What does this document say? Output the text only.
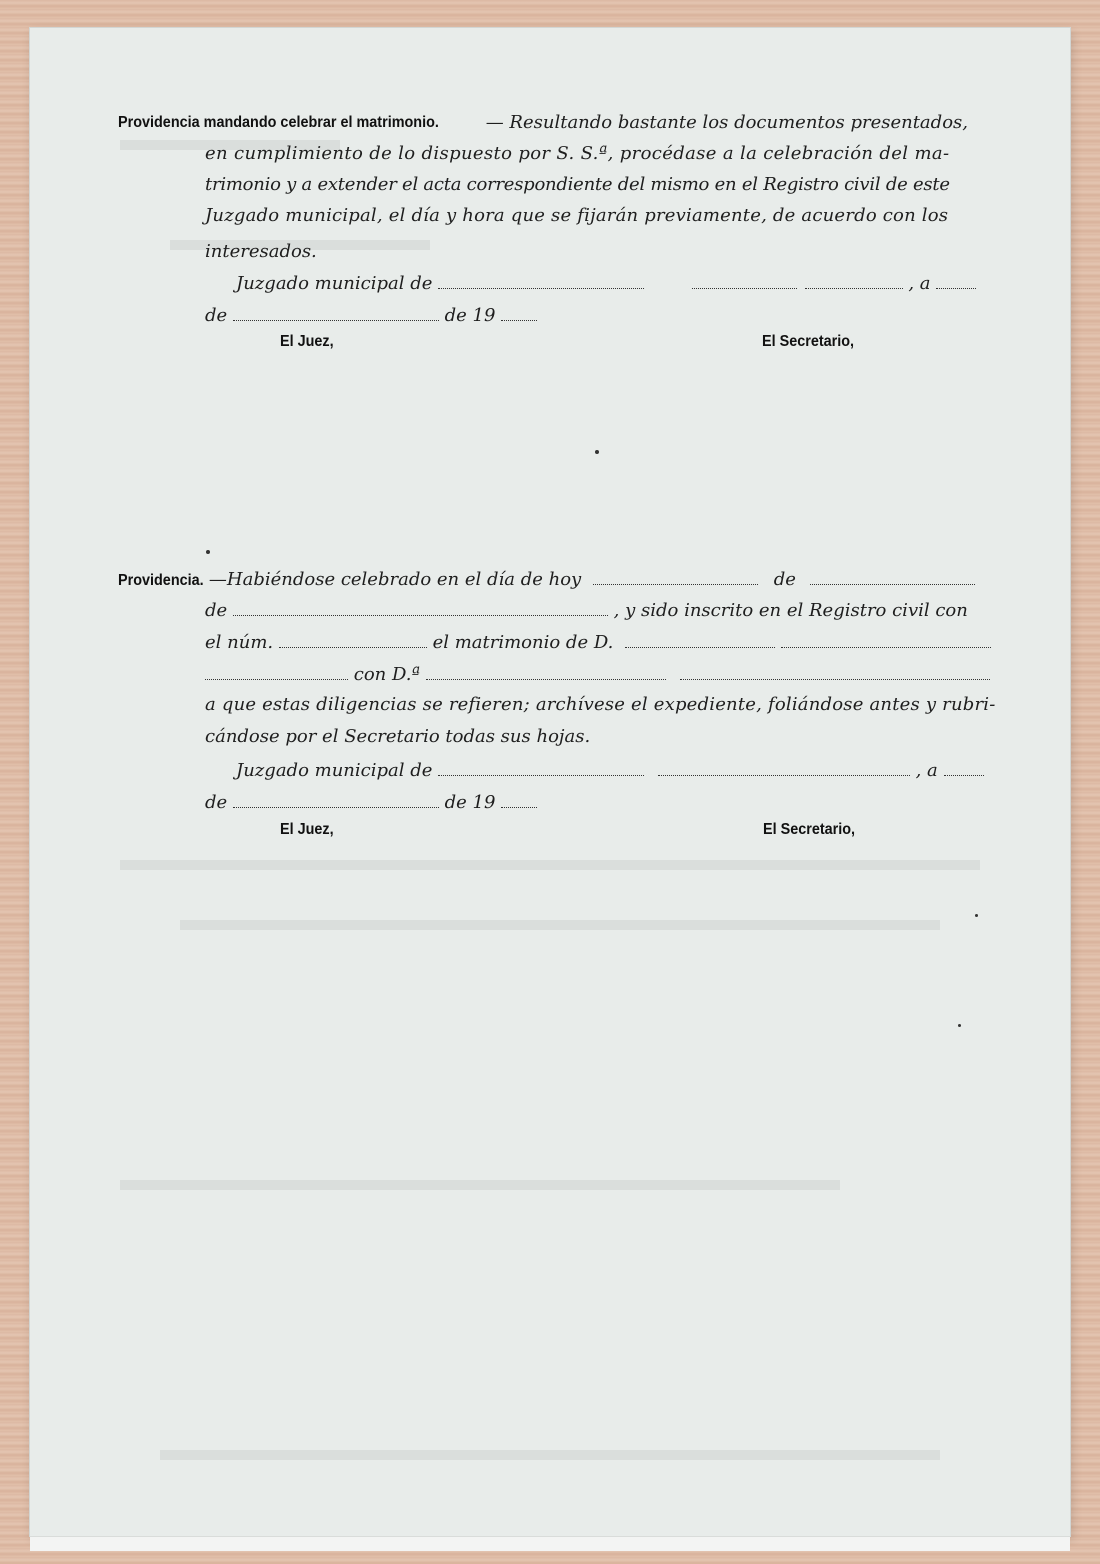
Providencia mandando celebrar el matrimonio.	— Resultando bastante los documentos presentados,
en cumplimiento de lo dispuesto por S. S.ª, procédase a la celebración del ma-
trimonio y a extender el acta correspondiente del mismo en el Registro civil de este
Juzgado municipal, el día y hora que se fijarán previamente, de acuerdo con los
interesados.
Juzgado municipal de	, a
de	de 19
El Juez,	El Secretario,
Providencia. —Habiéndose celebrado en el día de hoy	de
de	, y sido inscrito en el Registro civil con
el núm.	el matrimonio de D.
con D.ª
a que estas diligencias se refieren; archívese el expediente, foliándose antes y rubri-
cándose por el Secretario todas sus hojas.
Juzgado municipal de	, a
de	de 19
El Juez,	El Secretario,
